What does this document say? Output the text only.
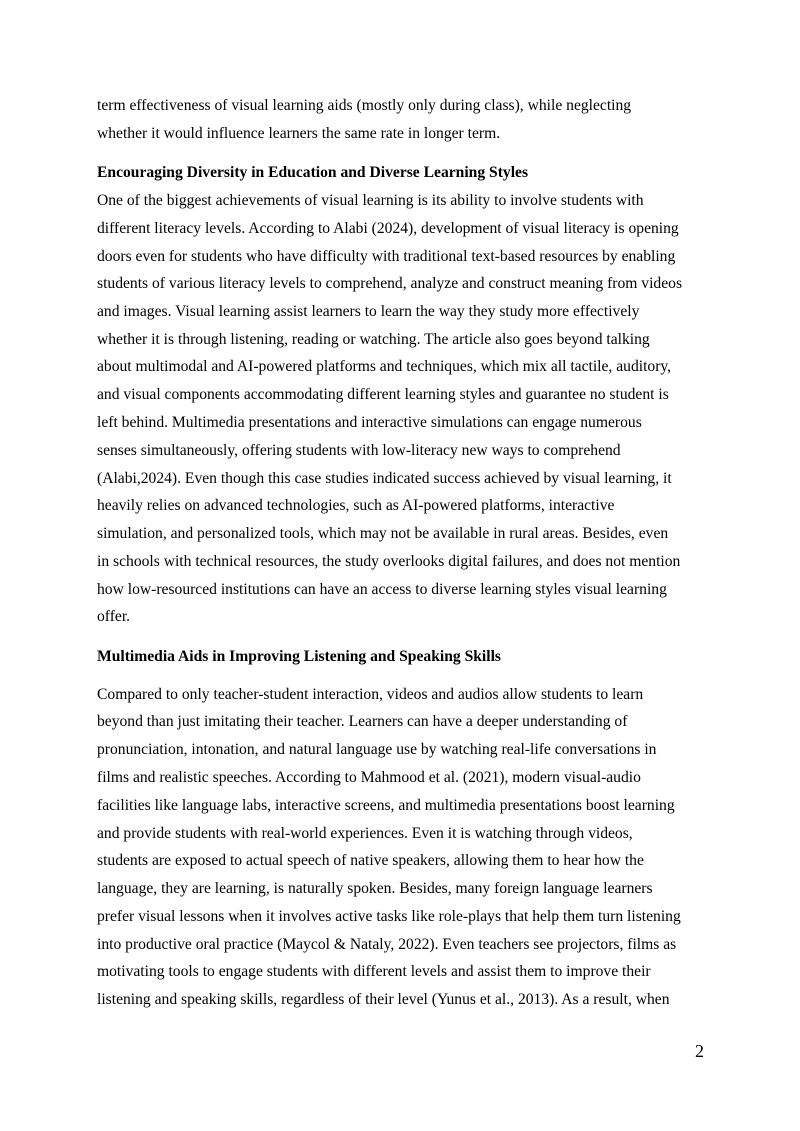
term effectiveness of visual learning aids (mostly only during class), while neglecting
whether it would influence learners the same rate in longer term.
Encouraging Diversity in Education and Diverse Learning Styles
One of the biggest achievements of visual learning is its ability to involve students with
different literacy levels. According to Alabi (2024), development of visual literacy is opening
doors even for students who have difficulty with traditional text-based resources by enabling
students of various literacy levels to comprehend, analyze and construct meaning from videos
and images. Visual learning assist learners to learn the way they study more effectively
whether it is through listening, reading or watching. The article also goes beyond talking
about multimodal and AI-powered platforms and techniques, which mix all tactile, auditory,
and visual components accommodating different learning styles and guarantee no student is
left behind. Multimedia presentations and interactive simulations can engage numerous
senses simultaneously, offering students with low-literacy new ways to comprehend
(Alabi,2024). Even though this case studies indicated success achieved by visual learning, it
heavily relies on advanced technologies, such as AI-powered platforms, interactive
simulation, and personalized tools, which may not be available in rural areas. Besides, even
in schools with technical resources, the study overlooks digital failures, and does not mention
how low-resourced institutions can have an access to diverse learning styles visual learning
offer.
Multimedia Aids in Improving Listening and Speaking Skills
Compared to only teacher-student interaction, videos and audios allow students to learn
beyond than just imitating their teacher. Learners can have a deeper understanding of
pronunciation, intonation, and natural language use by watching real-life conversations in
films and realistic speeches. According to Mahmood et al. (2021), modern visual-audio
facilities like language labs, interactive screens, and multimedia presentations boost learning
and provide students with real-world experiences. Even it is watching through videos,
students are exposed to actual speech of native speakers, allowing them to hear how the
language, they are learning, is naturally spoken. Besides, many foreign language learners
prefer visual lessons when it involves active tasks like role-plays that help them turn listening
into productive oral practice (Maycol & Nataly, 2022). Even teachers see projectors, films as
motivating tools to engage students with different levels and assist them to improve their
listening and speaking skills, regardless of their level (Yunus et al., 2013). As a result, when
2
